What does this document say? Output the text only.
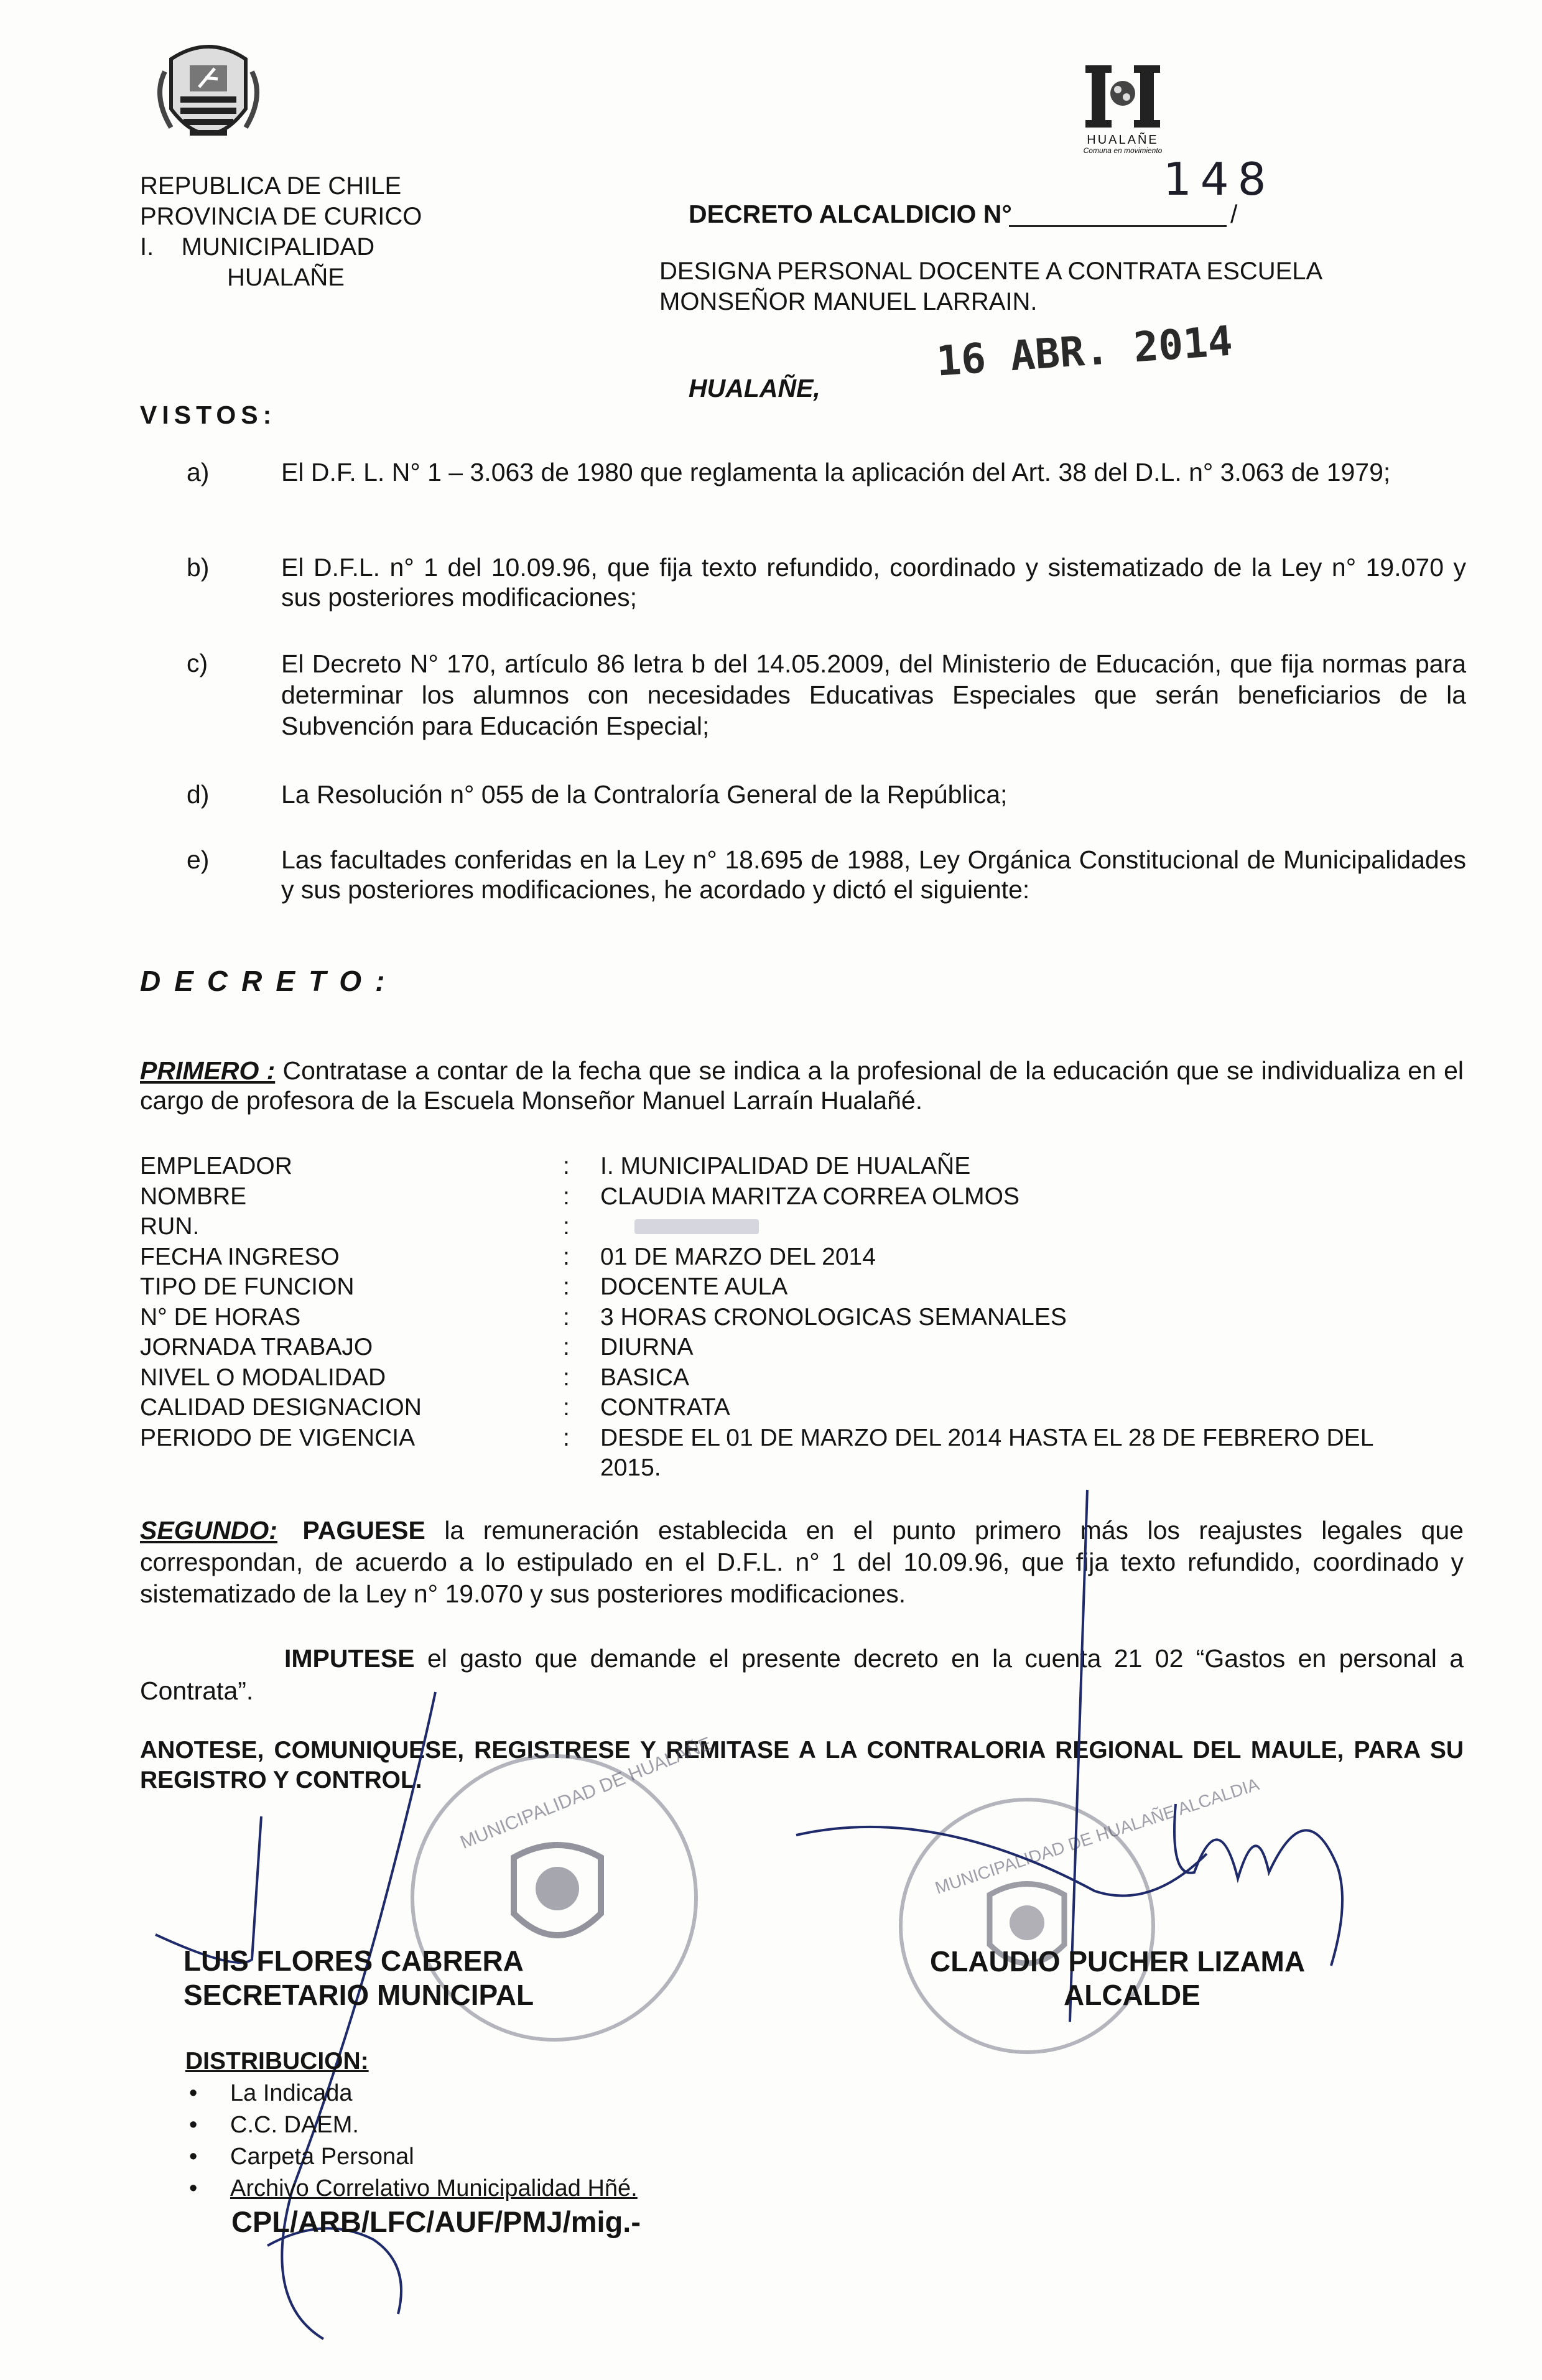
REPUBLICA DE CHILE
PROVINCIA DE CURICO
I.    MUNICIPALIDAD
HUALAÑE
HUALAÑE
Comuna en movimiento
DECRETO ALCALDICIO N°	/
148
DESIGNA PERSONAL DOCENTE A CONTRATA ESCUELA MONSEÑOR MANUEL LARRAIN.
HUALAÑE,
16 ABR. 2014
VISTOS:
a)	El D.F. L. N° 1 – 3.063 de 1980 que reglamenta la aplicación del Art. 38 del D.L. n° 3.063 de 1979;
b)	El D.F.L. n° 1 del 10.09.96, que fija texto refundido, coordinado y sistematizado de la Ley n° 19.070 y sus posteriores modificaciones;
c)	El Decreto N° 170, artículo 86 letra b del 14.05.2009, del Ministerio de Educación, que fija normas para determinar los alumnos con necesidades Educativas Especiales que serán beneficiarios de la Subvención para Educación Especial;
d)	La Resolución n° 055 de la Contraloría General de la República;
e)	Las facultades conferidas en la Ley n° 18.695 de 1988, Ley Orgánica Constitucional de Municipalidades y sus posteriores modificaciones, he acordado y dictó el siguiente:
DECRETO:
PRIMERO : Contratase a contar de la fecha que se indica a la profesional de la educación que se individualiza en el cargo de profesora de la Escuela Monseñor Manuel Larraín Hualañé.
EMPLEADOR	:	I. MUNICIPALIDAD DE HUALAÑE
NOMBRE	:	CLAUDIA MARITZA CORREA OLMOS
RUN.	:
FECHA INGRESO	:	01 DE MARZO DEL 2014
TIPO DE FUNCION	:	DOCENTE AULA
N° DE HORAS	:	3 HORAS CRONOLOGICAS SEMANALES
JORNADA TRABAJO	:	DIURNA
NIVEL O MODALIDAD	:	BASICA
CALIDAD DESIGNACION	:	CONTRATA
PERIODO DE VIGENCIA	:	DESDE EL 01 DE MARZO DEL 2014 HASTA EL 28 DE FEBRERO DEL 2015.
SEGUNDO: PAGUESE la remuneración establecida en el punto primero más los reajustes legales que correspondan, de acuerdo a lo estipulado en el D.F.L. n° 1 del 10.09.96, que fija texto refundido, coordinado y sistematizado de la Ley n° 19.070 y sus posteriores modificaciones.
IMPUTESE el gasto que demande el presente decreto en la cuenta 21 02 “Gastos en personal a Contrata”.
ANOTESE, COMUNIQUESE, REGISTRESE Y REMITASE A LA CONTRALORIA REGIONAL DEL MAULE, PARA SU REGISTRO Y CONTROL.	MUNICIPALIDAD DE HUALAÑE	MUNICIPALIDAD DE HUALAÑE ALCALDIA
LUIS FLORES CABRERA
SECRETARIO MUNICIPAL
CLAUDIO PUCHER LIZAMA
ALCALDE
DISTRIBUCION:
• La Indicada
• C.C. DAEM.
• Carpeta Personal
• Archivo Correlativo Municipalidad Hñé.
CPL/ARB/LFC/AUF/PMJ/mig.-
